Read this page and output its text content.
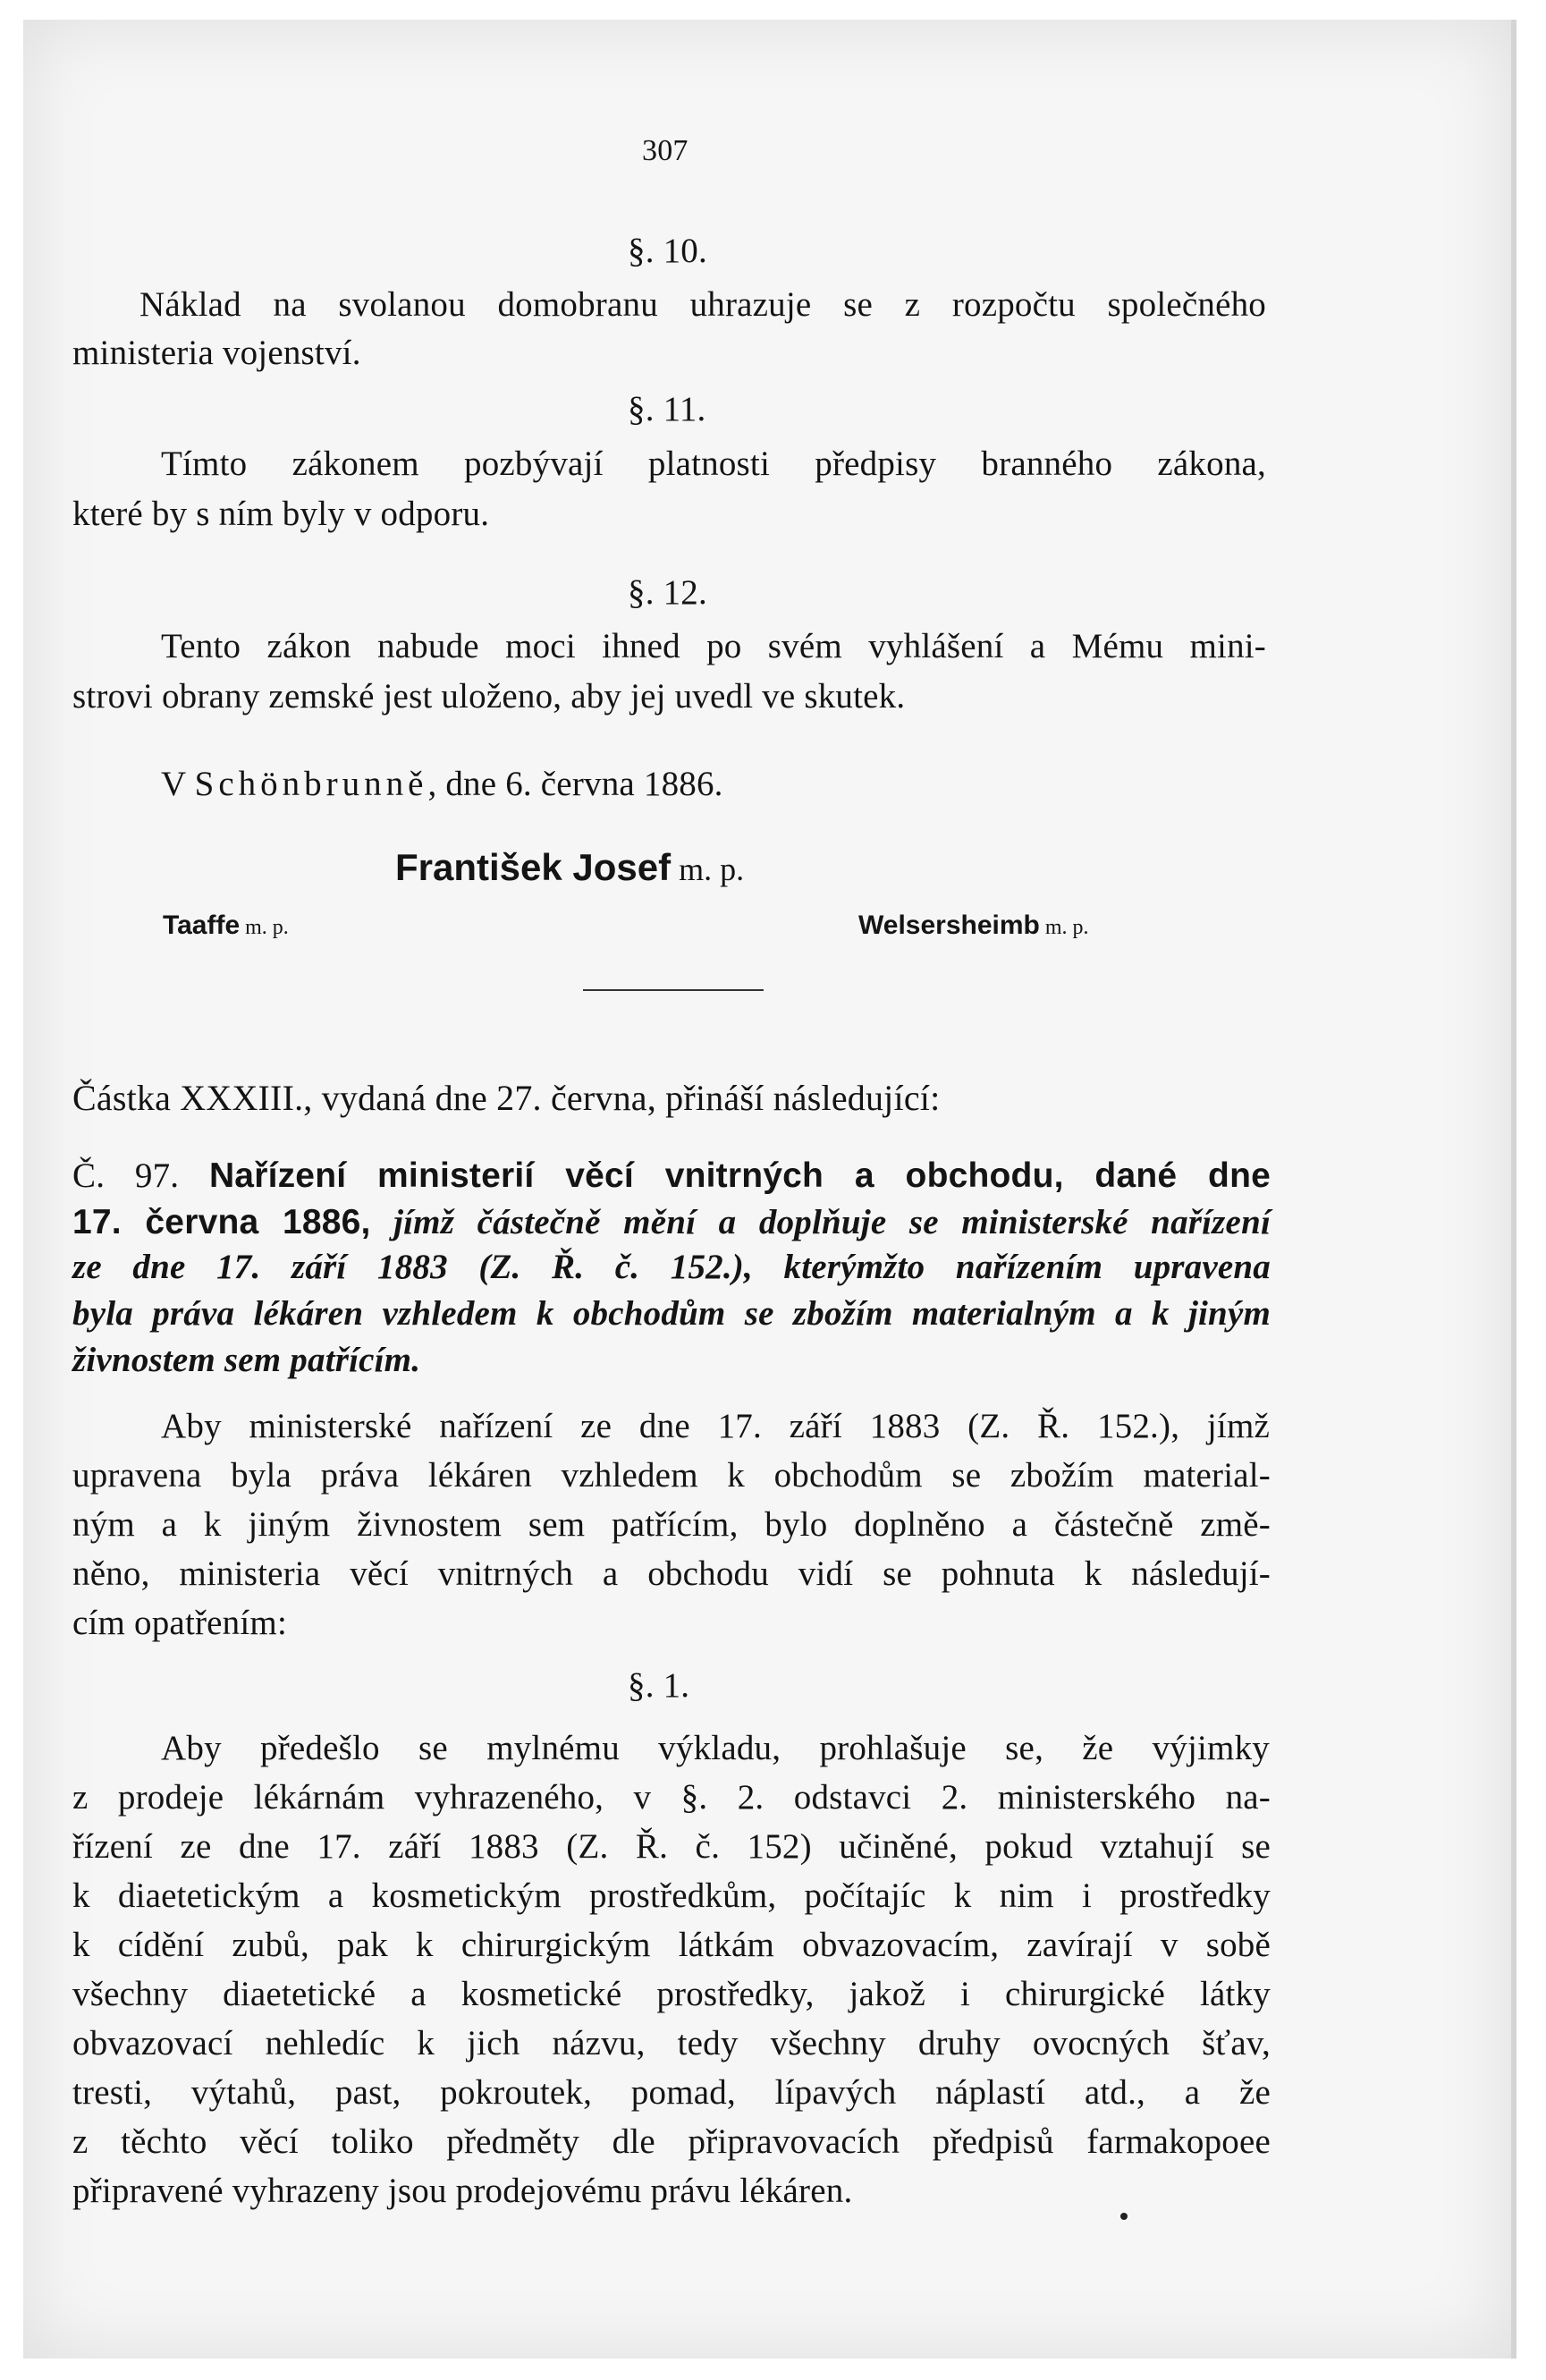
307
§. 10.
Náklad na svolanou domobranu uhrazuje se z rozpočtu společného
ministeria vojenství.
§. 11.
Tímto zákonem pozbývají platnosti předpisy branného zákona,
které by s ním byly v odporu.
§. 12.
Tento zákon nabude moci ihned po svém vyhlášení a Mému mini-
strovi obrany zemské jest uloženo, aby jej uvedl ve skutek.
V Schönbrunně, dne 6. června 1886.
František Josef m. p.
Taaffe m. p.	Welsersheimb m. p.
Částka XXXIII., vydaná dne 27. června, přináší následující:
Č. 97. Nařízení ministerií věcí vnitrných a obchodu, dané dne
17. června 1886, jímž částečně mění a doplňuje se ministerské nařízení
ze dne 17. září 1883 (Z. Ř. č. 152.), kterýmžto nařízením upravena
byla práva lékáren vzhledem k obchodům se zbožím materialným a k jiným
živnostem sem patřícím.
Aby ministerské nařízení ze dne 17. září 1883 (Z. Ř. 152.), jímž
upravena byla práva lékáren vzhledem k obchodům se zbožím material-
ným a k jiným živnostem sem patřícím, bylo doplněno a částečně změ-
něno, ministeria věcí vnitrných a obchodu vidí se pohnuta k následují-
cím opatřením:
§. 1.
Aby předešlo se mylnému výkladu, prohlašuje se, že výjimky
z prodeje lékárnám vyhrazeného, v §. 2. odstavci 2. ministerského na-
řízení ze dne 17. září 1883 (Z. Ř. č. 152) učiněné, pokud vztahují se
k diaetetickým a kosmetickým prostředkům, počítajíc k nim i prostředky
k cídění zubů, pak k chirurgickým látkám obvazovacím, zavírají v sobě
všechny diaetetické a kosmetické prostředky, jakož i chirurgické látky
obvazovací nehledíc k jich názvu, tedy všechny druhy ovocných šťav,
tresti, výtahů, past, pokroutek, pomad, lípavých náplastí atd., a že
z těchto věcí toliko předměty dle připravovacích předpisů farmakopoee
připravené vyhrazeny jsou prodejovému právu lékáren.
